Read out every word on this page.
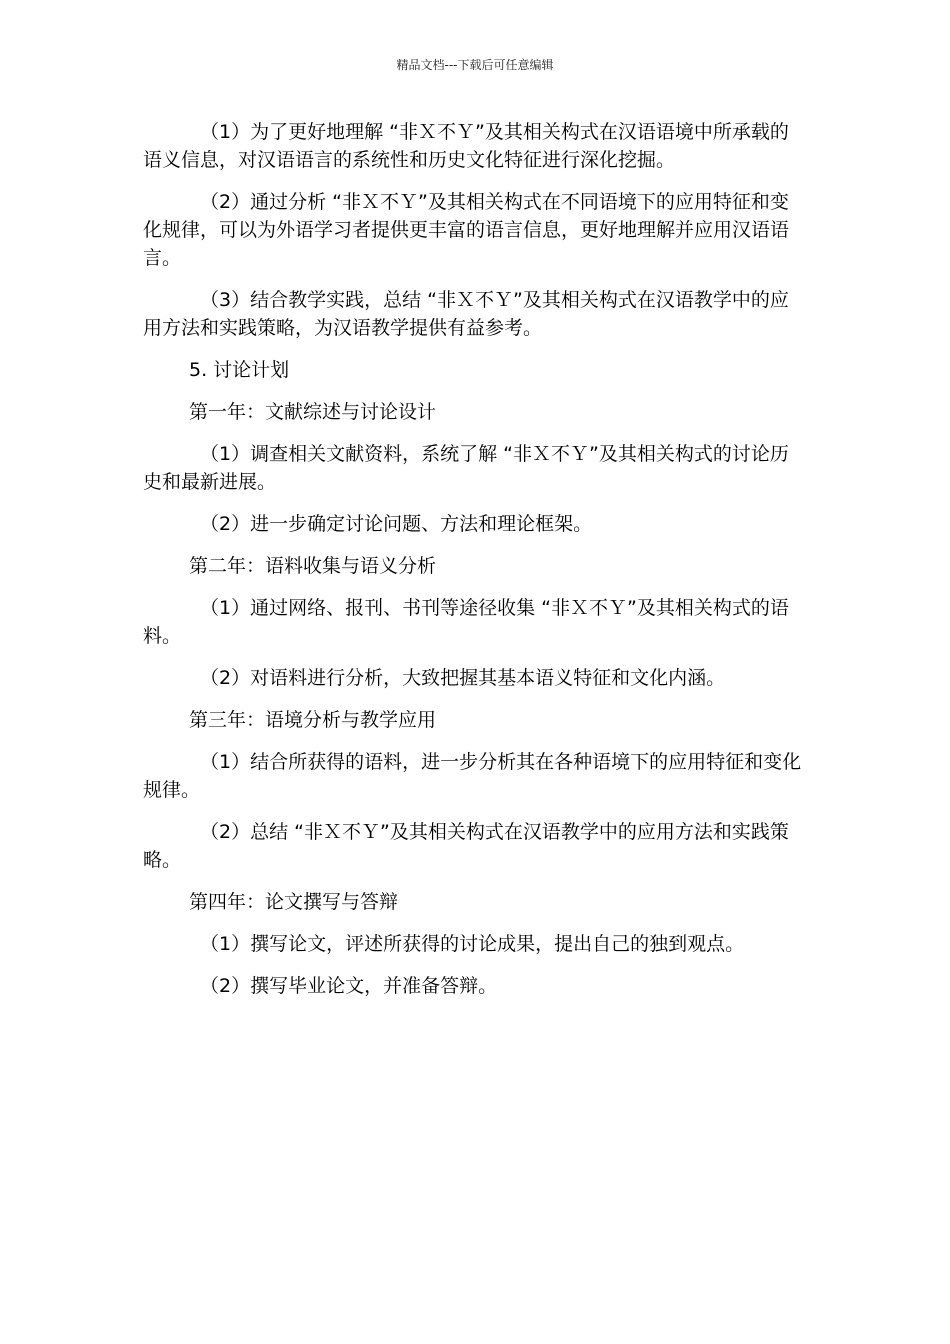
精品文档---下载后可任意编辑

（1）为了更好地理解 “非Ｘ不Ｙ”及其相关构式在汉语语境中所承载的语义信息，对汉语语言的系统性和历史文化特征进行深化挖掘。

（2）通过分析 “非Ｘ不Ｙ”及其相关构式在不同语境下的应用特征和变化规律，可以为外语学习者提供更丰富的语言信息，更好地理解并应用汉语语言。

（3）结合教学实践，总结 “非Ｘ不Ｙ”及其相关构式在汉语教学中的应用方法和实践策略，为汉语教学提供有益参考。

5. 讨论计划

第一年：文献综述与讨论设计

（1）调查相关文献资料，系统了解 “非Ｘ不Ｙ”及其相关构式的讨论历史和最新进展。

（2）进一步确定讨论问题、方法和理论框架。

第二年：语料收集与语义分析

（1）通过网络、报刊、书刊等途径收集 “非Ｘ不Ｙ”及其相关构式的语料。

（2）对语料进行分析，大致把握其基本语义特征和文化内涵。

第三年：语境分析与教学应用

（1）结合所获得的语料，进一步分析其在各种语境下的应用特征和变化规律。

（2）总结 “非Ｘ不Ｙ”及其相关构式在汉语教学中的应用方法和实践策略。

第四年：论文撰写与答辩

（1）撰写论文，评述所获得的讨论成果，提出自己的独到观点。

（2）撰写毕业论文，并准备答辩。
